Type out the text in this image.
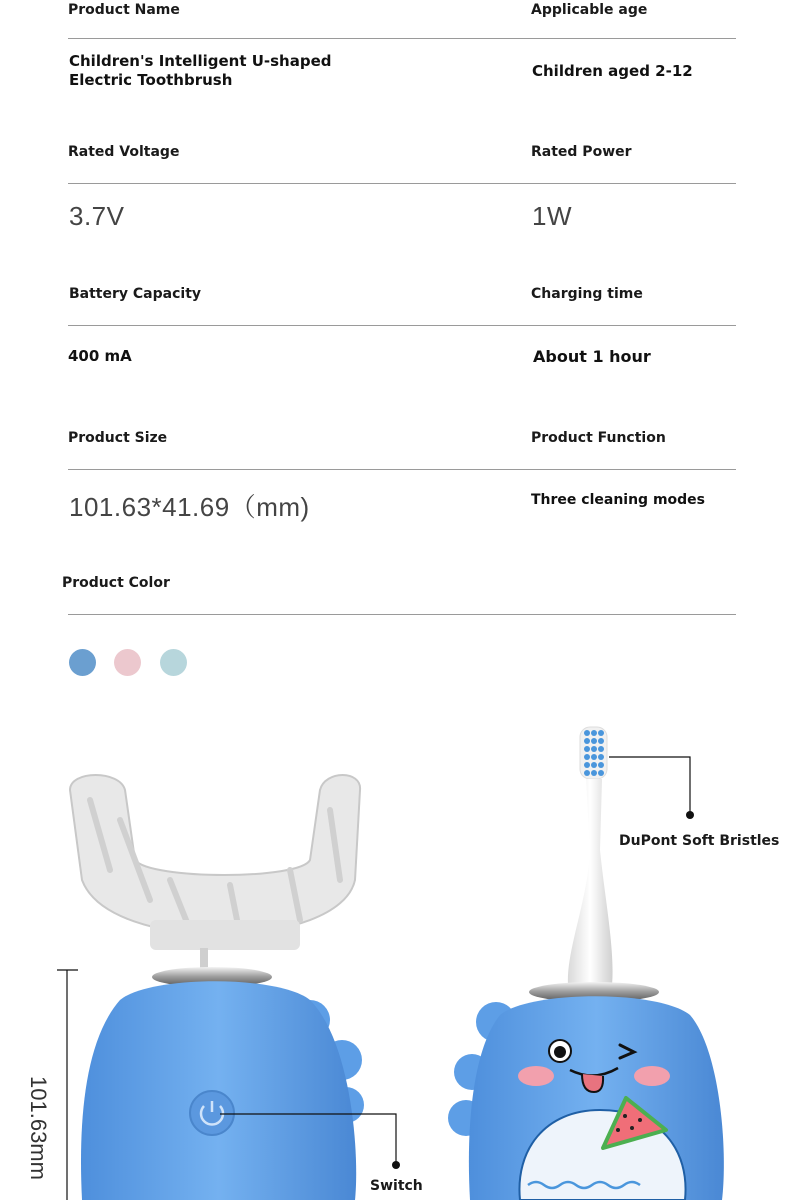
Product Name	Applicable age
Children's Intelligent U-shaped Electric Toothbrush	Children aged 2-12
Rated Voltage	Rated Power
3.7V	1W
Battery Capacity	Charging time
400 mA	About 1 hour
Product Size	Product Function
101.63*41.69（mm)	Three cleaning modes
Product Color
DuPont Soft Bristles
Switch
101.63mm
